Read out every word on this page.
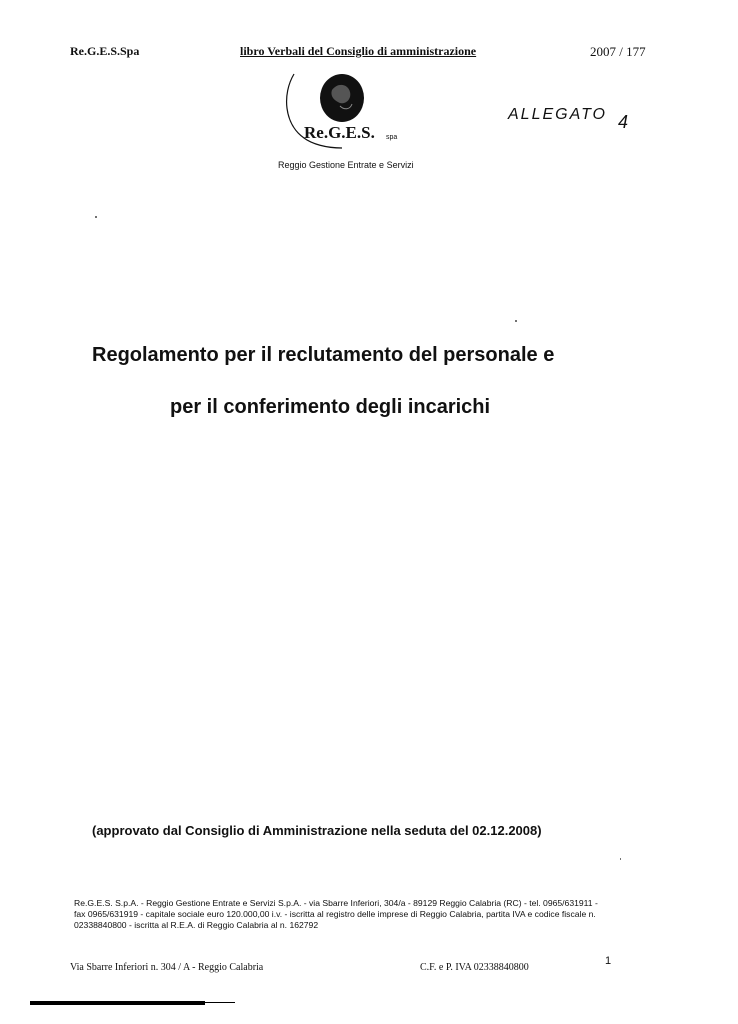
Re.G.E.S.Spa	libro Verbali del Consiglio di amministrazione	2007 / 177
Re.G.E.S. spa
Reggio Gestione Entrate e Servizi
ALLEGATO 4
Regolamento per il reclutamento del personale e
per il conferimento degli incarichi
(approvato dal Consiglio di Amministrazione nella seduta del 02.12.2008)
Re.G.E.S. S.p.A. - Reggio Gestione Entrate e Servizi S.p.A. - via Sbarre Inferiori, 304/a - 89129 Reggio Calabria (RC) - tel. 0965/631911 - fax 0965/631919 - capitale sociale euro 120.000,00 i.v. - iscritta al registro delle imprese di Reggio Calabria, partita IVA e codice fiscale n. 02338840800 - iscritta al R.E.A. di Reggio Calabria al n. 162792
Via Sbarre Inferiori n. 304 / A - Reggio Calabria	C.F. e P. IVA 02338840800
1
